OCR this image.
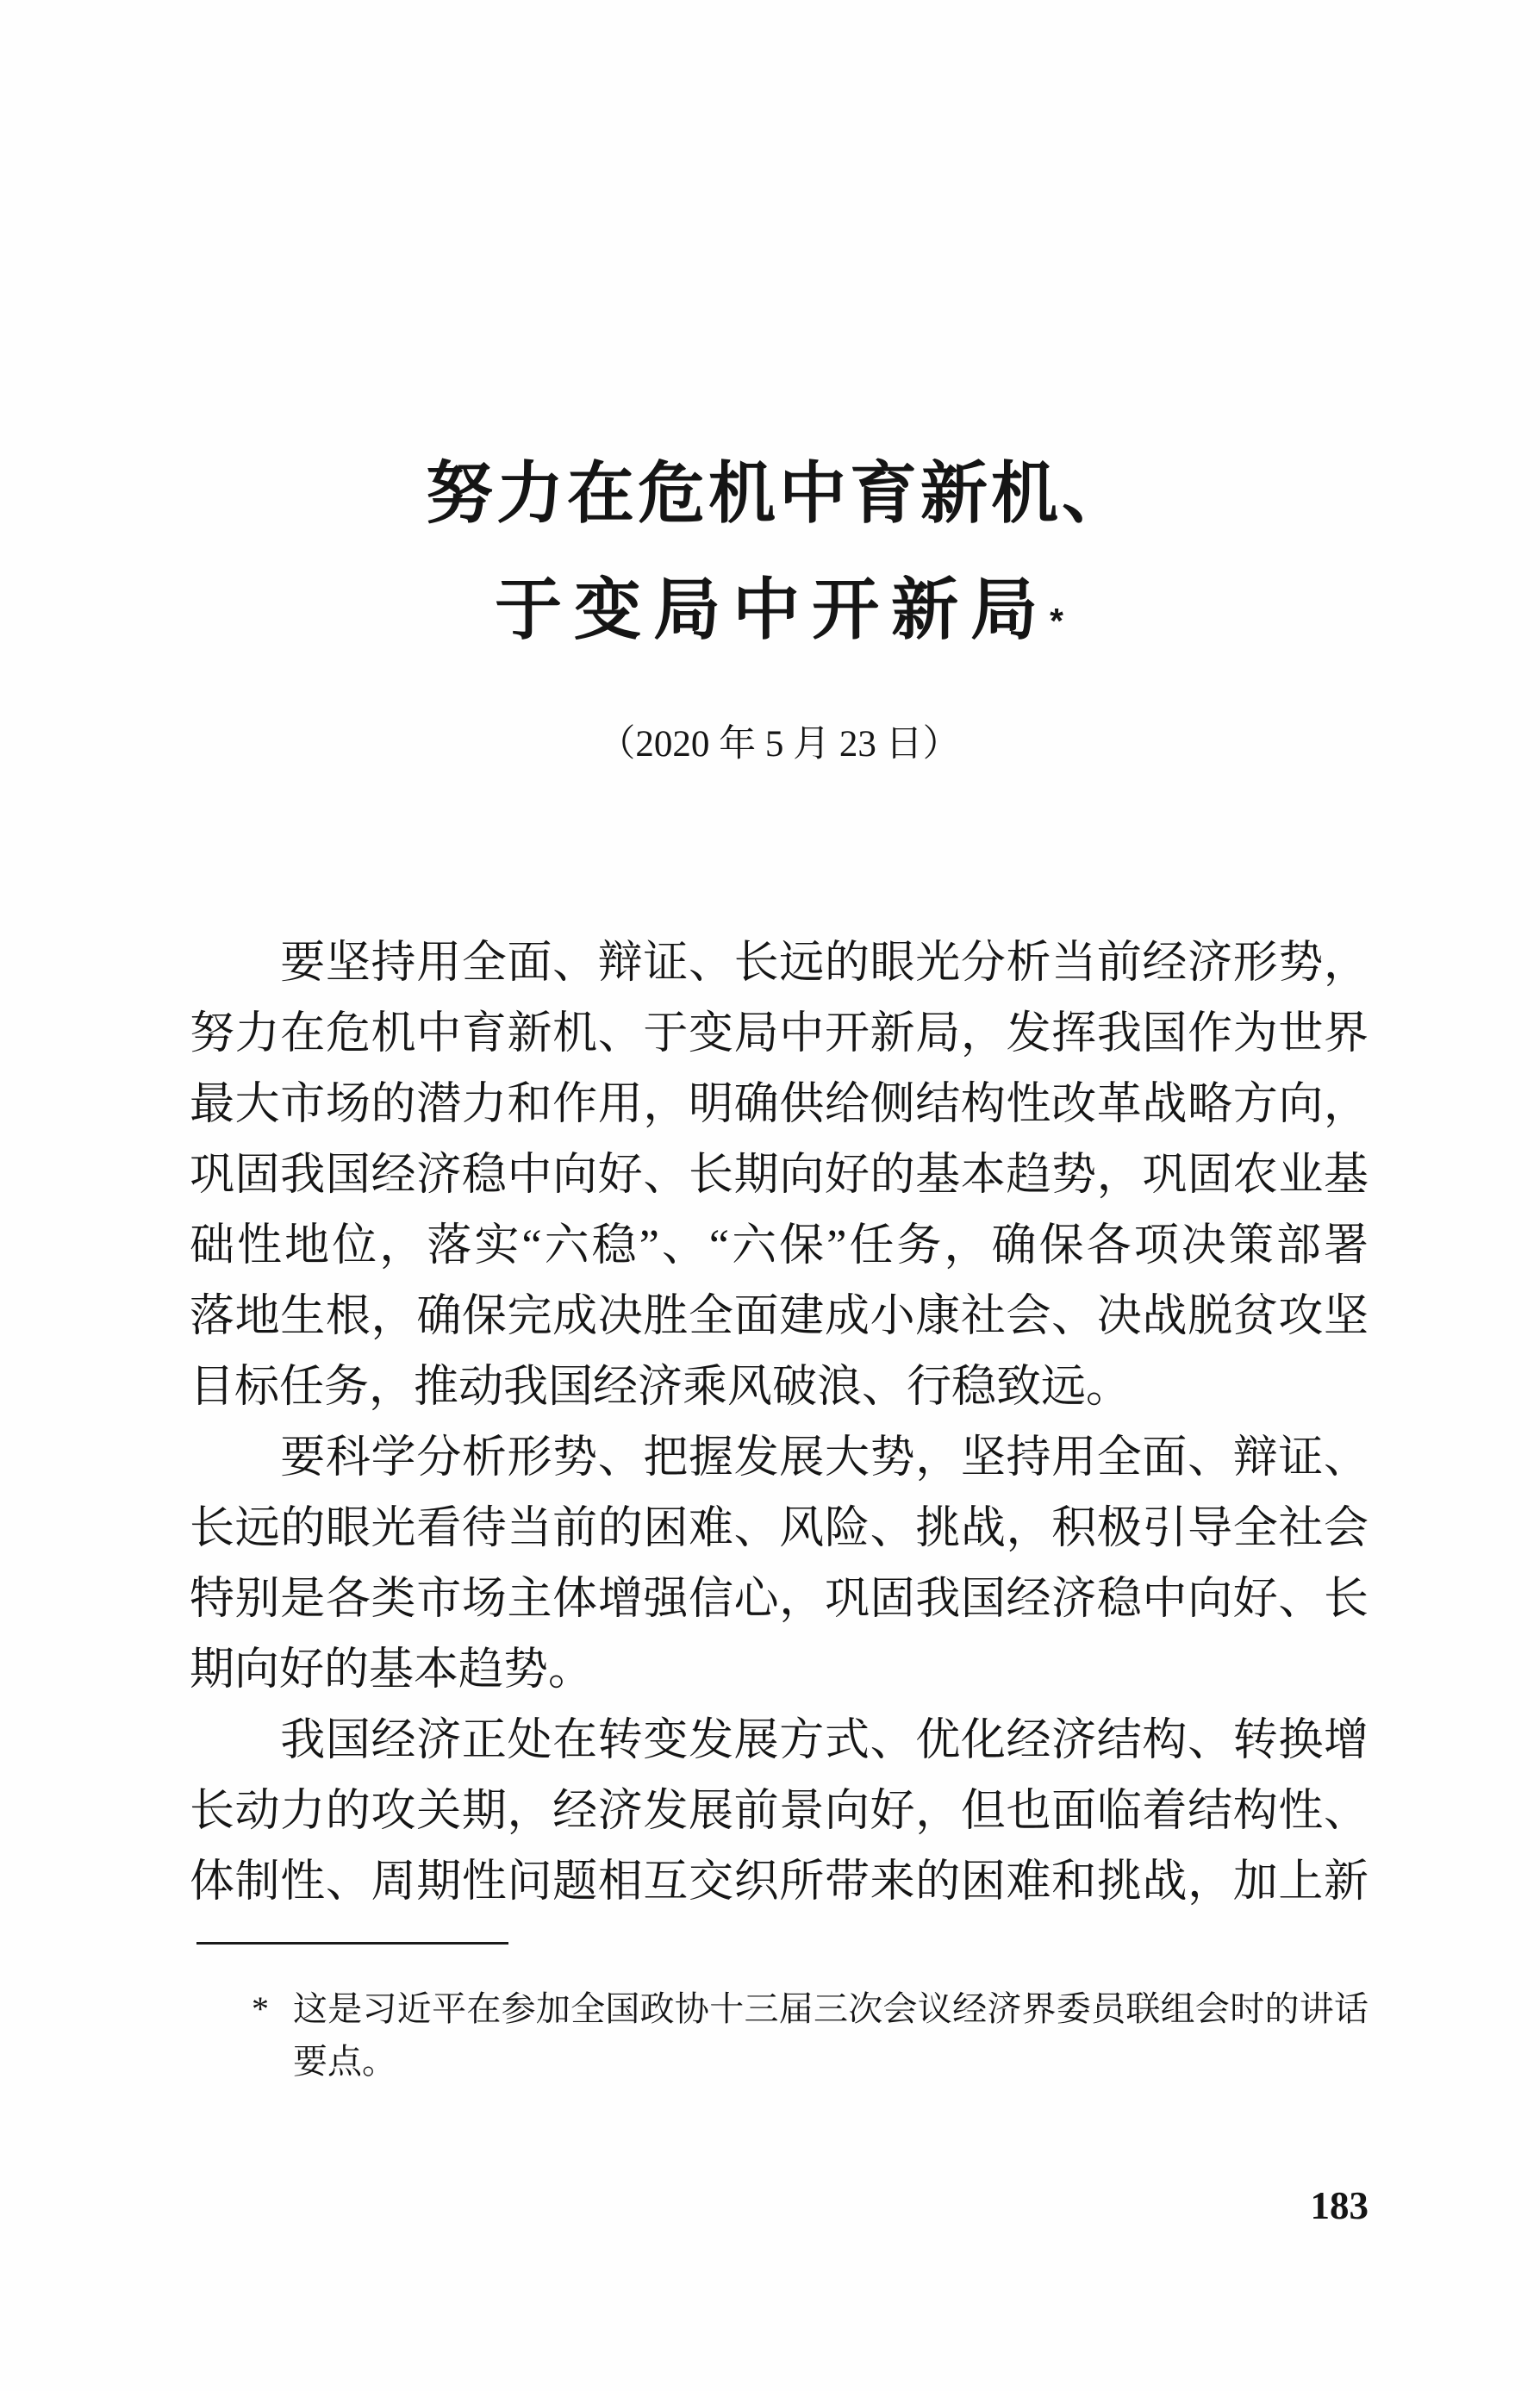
努力在危机中育新机、
于变局中开新局*
（2020 年 5 月 23 日）
　　要坚持用全面、辩证、长远的眼光分析当前经济形势，
努力在危机中育新机、于变局中开新局，发挥我国作为世界
最大市场的潜力和作用，明确供给侧结构性改革战略方向，
巩固我国经济稳中向好、长期向好的基本趋势，巩固农业基
础性地位，落实“六稳”、“六保”任务，确保各项决策部署
落地生根，确保完成决胜全面建成小康社会、决战脱贫攻坚
目标任务，推动我国经济乘风破浪、行稳致远。
　　要科学分析形势、把握发展大势，坚持用全面、辩证、
长远的眼光看待当前的困难、风险、挑战，积极引导全社会
特别是各类市场主体增强信心，巩固我国经济稳中向好、长
期向好的基本趋势。
　　我国经济正处在转变发展方式、优化经济结构、转换增
长动力的攻关期，经济发展前景向好，但也面临着结构性、
体制性、周期性问题相互交织所带来的困难和挑战，加上新
* 这是习近平在参加全国政协十三届三次会议经济界委员联组会时的讲话
要点。
183
